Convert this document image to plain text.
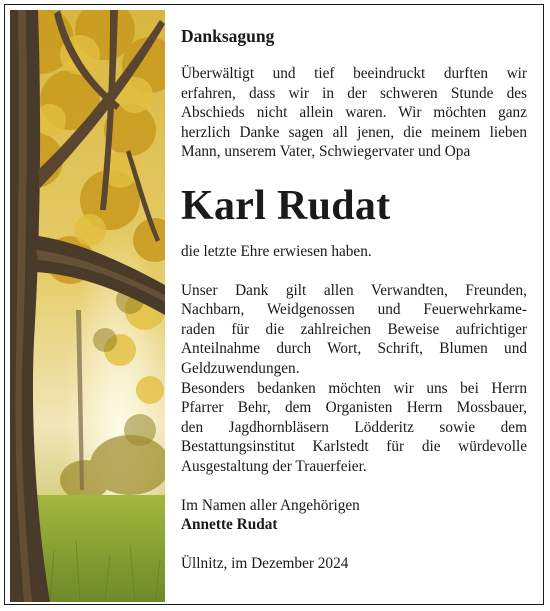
Danksagung

Überwältigt und tief beeindruckt durften wir
erfahren, dass wir in der schweren Stunde des
Abschieds nicht allein waren. Wir möchten ganz
herzlich Danke sagen all jenen, die meinem lieben
Mann, unserem Vater, Schwiegervater und Opa

Karl Rudat
die letzte Ehre erwiesen haben.

Unser Dank gilt allen Verwandten, Freunden,
Nachbarn, Weidgenossen und Feuerwehrkame-
raden für die zahlreichen Beweise aufrichtiger
Anteilnahme durch Wort, Schrift, Blumen und
Geldzuwendungen.

Besonders bedanken möchten wir uns bei Herrn
Pfarrer Behr, dem Organisten Herrn Mossbauer,
den Jagdhornbläsern Lödderitz sowie dem
Bestattungsinstitut Karlstedt für die würdevolle
Ausgestaltung der Trauerfeier.

Im Namen aller Angehörigen
Annette Rudat
Üllnitz, im Dezember 2024
